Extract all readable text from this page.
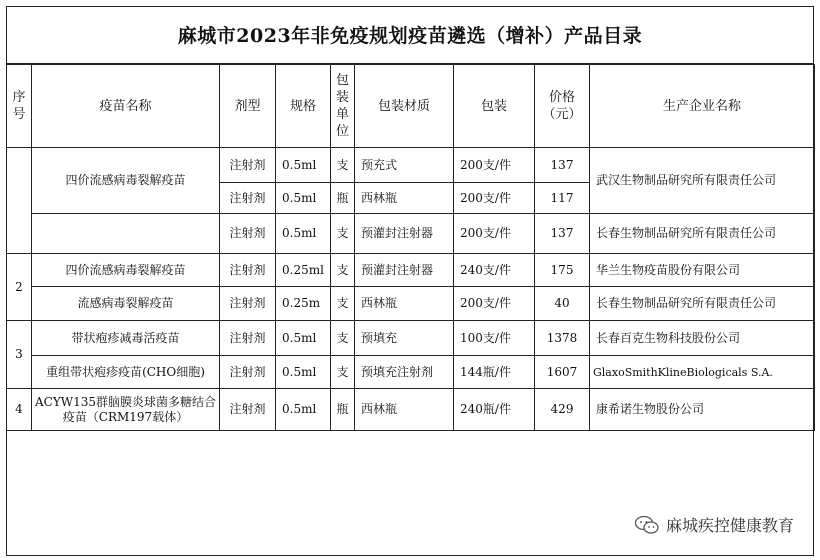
麻城市2023年非免疫规划疫苗遴选（增补）产品目录
序号	疫苗名称	剂型	规格	包装单位	包装材质	包装	价格（元）	生产企业名称
	四价流感病毒裂解疫苗	注射剂	0.5ml	支	预充式	200支/件	137	武汉生物制品研究所有限责任公司
		注射剂	0.5ml	瓶	西林瓶	200支/件	117	
		注射剂	0.5ml	支	预灌封注射器	200支/件	137	长春生物制品研究所有限责任公司
2	四价流感病毒裂解疫苗	注射剂	0.25ml	支	预灌封注射器	240支/件	175	华兰生物疫苗股份有限公司
	流感病毒裂解疫苗	注射剂	0.25m	支	西林瓶	200支/件	40	长春生物制品研究所有限责任公司
3	带状疱疹减毒活疫苗	注射剂	0.5ml	支	预填充	100支/件	1378	长春百克生物科技股份公司
	重组带状疱疹疫苗(CHO细胞)	注射剂	0.5ml	支	预填充注射剂	144瓶/件	1607	GlaxoSmithKlineBiologicals S.A.
4	ACYW135群脑膜炎球菌多糖结合疫苗（CRM197载体）	注射剂	0.5ml	瓶	西林瓶	240瓶/件	429	康希诺生物股份公司
麻城疾控健康教育
